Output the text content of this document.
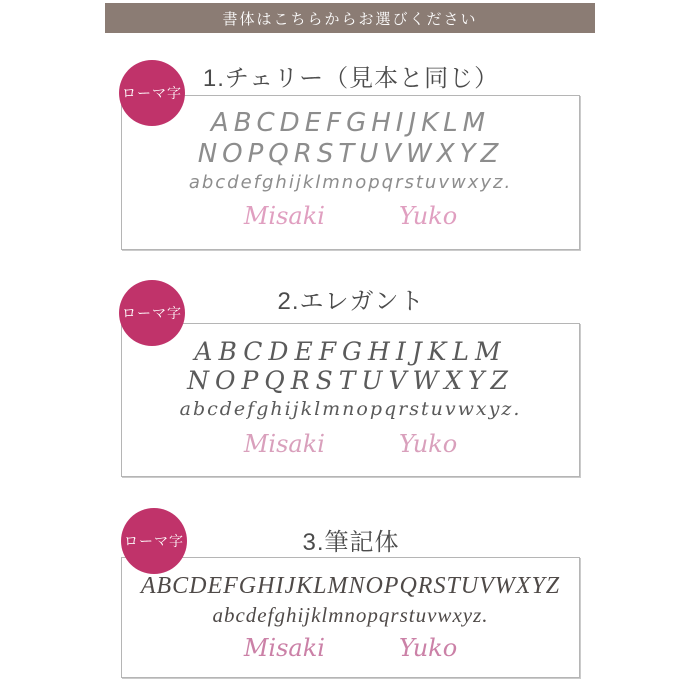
書体はこちらからお選びください
1.チェリー（見本と同じ）
ローマ字
ABCDEFGHIJKLM
NOPQRSTUVWXYZ
abcdefghijklmnopqrstuvwxyz.
Misaki	Yuko
2.エレガント
ローマ字
ABCDEFGHIJKLM
NOPQRSTUVWXYZ
abcdefghijklmnopqrstuvwxyz.
Misaki	Yuko
3.筆記体
ローマ字
ABCDEFGHIJKLMNOPQRSTUVWXYZ
abcdefghijklmnopqrstuvwxyz.
Misaki	Yuko
